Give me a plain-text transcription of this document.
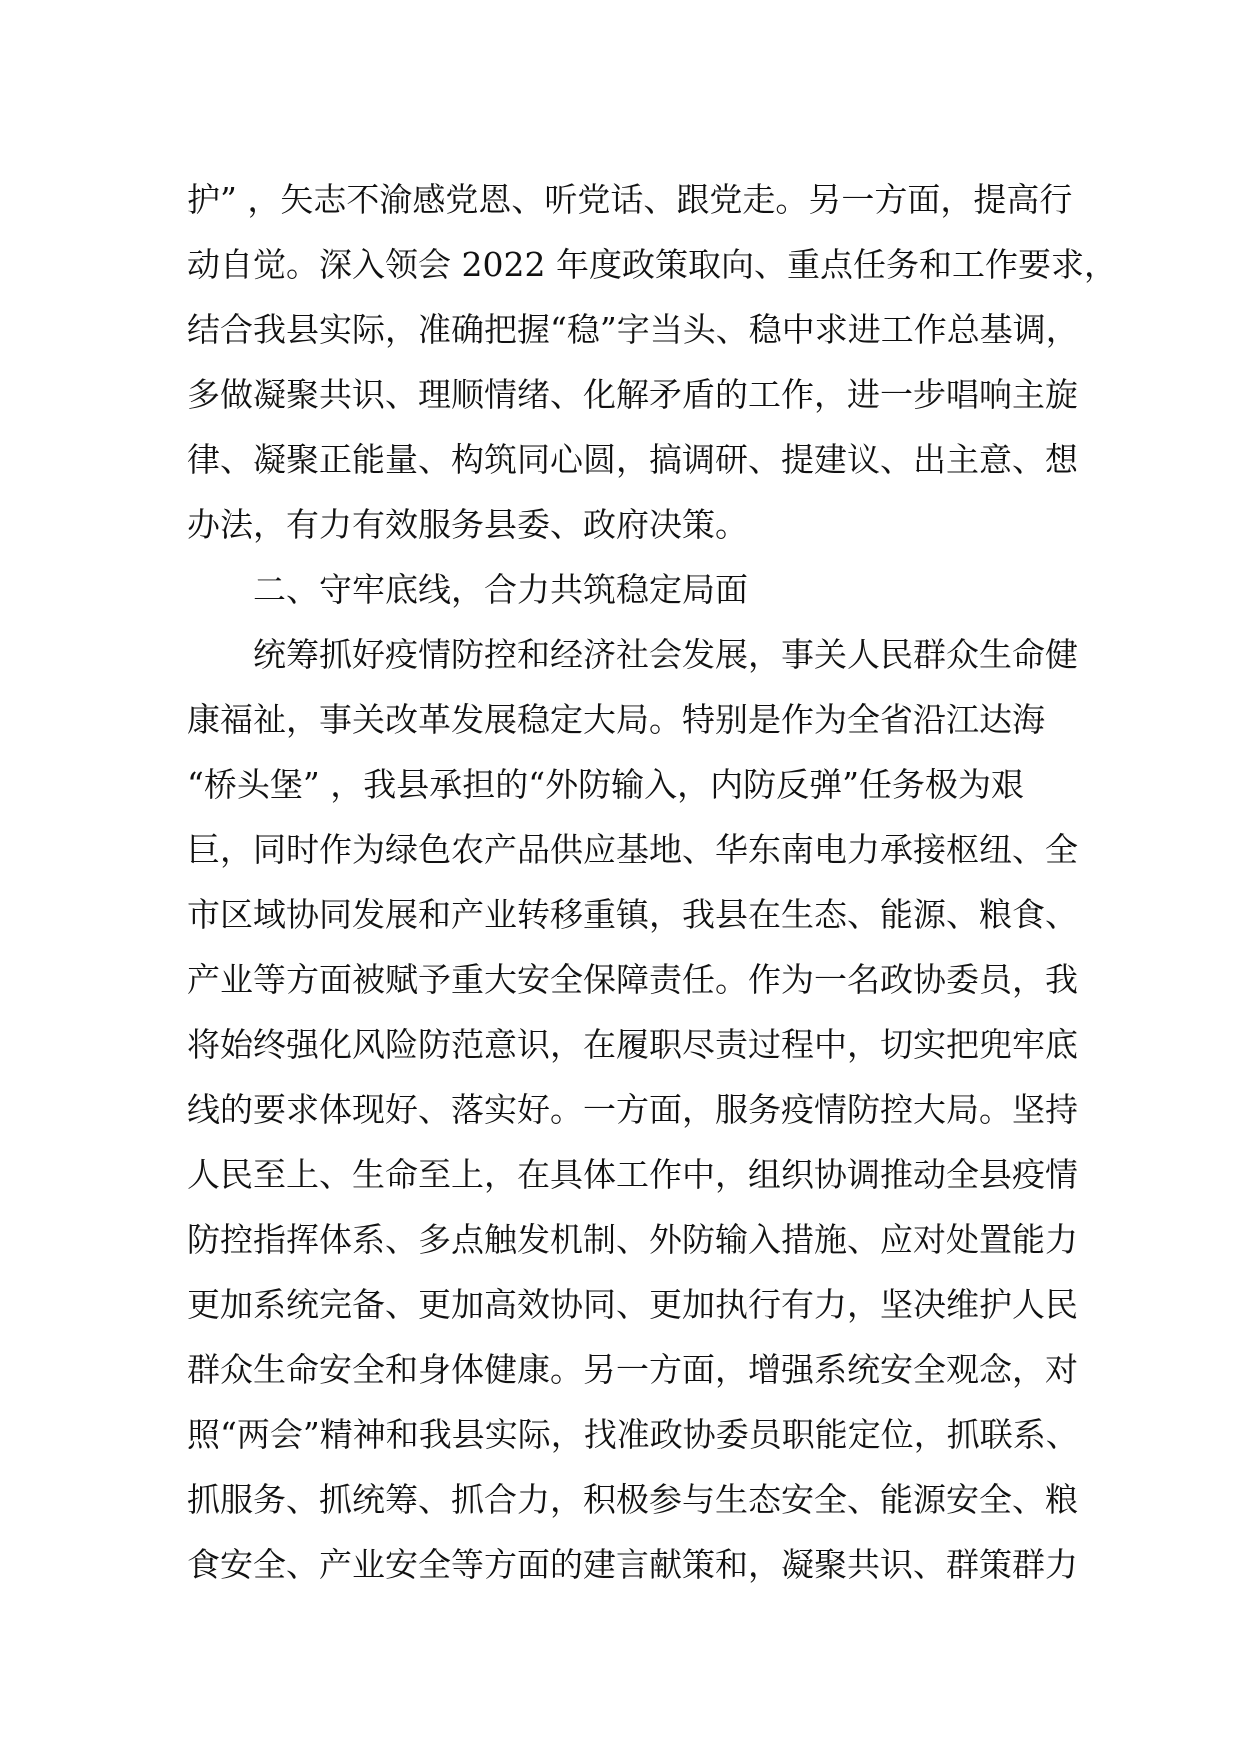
护” ，矢志不渝感党恩、听党话、跟党走。另一方面，提高行
动自觉。深入领会 2022 年度政策取向、重点任务和工作要求，
结合我县实际，准确把握“稳”字当头、稳中求进工作总基调，
多做凝聚共识、理顺情绪、化解矛盾的工作，进一步唱响主旋
律、凝聚正能量、构筑同心圆，搞调研、提建议、出主意、想
办法，有力有效服务县委、政府决策。
二、守牢底线，合力共筑稳定局面
统筹抓好疫情防控和经济社会发展，事关人民群众生命健
康福祉，事关改革发展稳定大局。特别是作为全省沿江达海
“桥头堡” ，我县承担的“外防输入，内防反弹”任务极为艰
巨，同时作为绿色农产品供应基地、华东南电力承接枢纽、全
市区域协同发展和产业转移重镇，我县在生态、能源、粮食、
产业等方面被赋予重大安全保障责任。作为一名政协委员，我
将始终强化风险防范意识，在履职尽责过程中，切实把兜牢底
线的要求体现好、落实好。一方面，服务疫情防控大局。坚持
人民至上、生命至上，在具体工作中，组织协调推动全县疫情
防控指挥体系、多点触发机制、外防输入措施、应对处置能力
更加系统完备、更加高效协同、更加执行有力，坚决维护人民
群众生命安全和身体健康。另一方面，增强系统安全观念，对
照“两会”精神和我县实际，找准政协委员职能定位，抓联系、
抓服务、抓统筹、抓合力，积极参与生态安全、能源安全、粮
食安全、产业安全等方面的建言献策和，凝聚共识、群策群力
